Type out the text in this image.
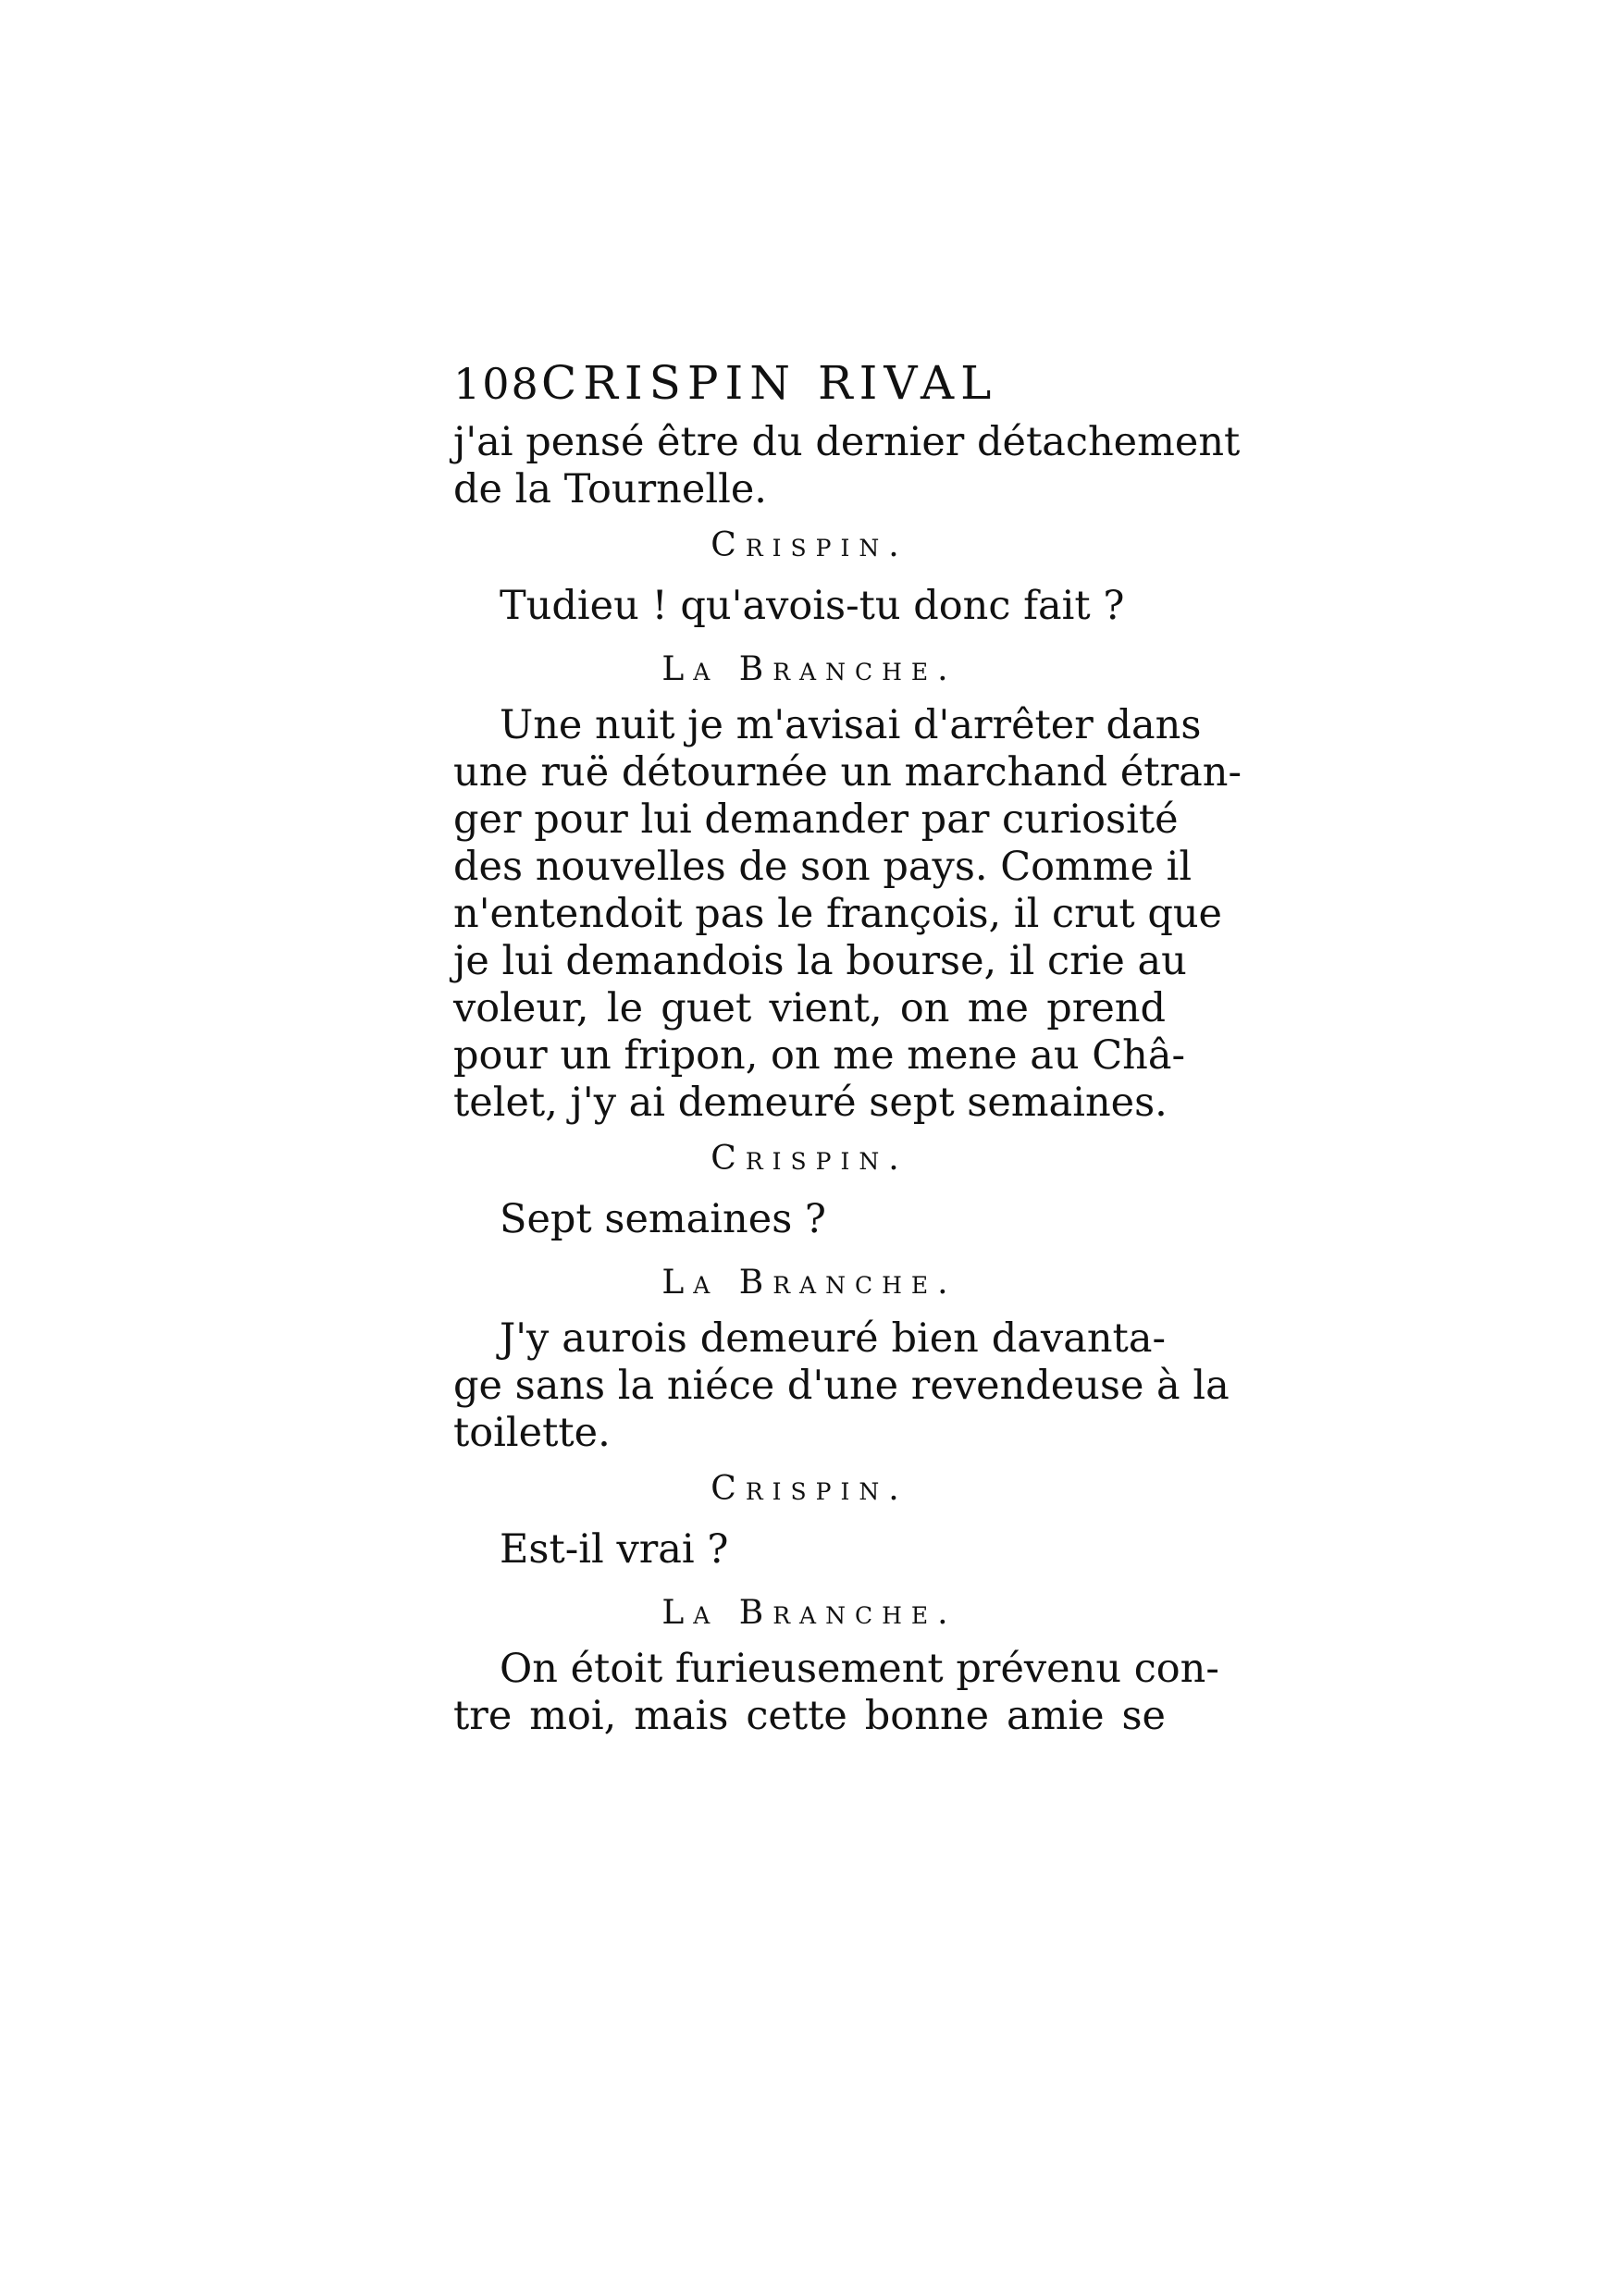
108 CRISPIN RIVAL
j'ai pensé être du dernier détachement
de la Tournelle.
Crispin.
Tudieu ! qu'avois-tu donc fait ?
La Branche.
Une nuit je m'avisai d'arrêter dans
une ruë détournée un marchand étran-
ger pour lui demander par curiosité
des nouvelles de son pays. Comme il
n'entendoit pas le françois, il crut que
je lui demandois la bourse, il crie au
voleur, le guet vient, on me prend
pour un fripon, on me mene au Châ-
telet, j'y ai demeuré sept semaines.
Crispin.
Sept semaines ?
La Branche.
J'y aurois demeuré bien davanta-
ge sans la niéce d'une revendeuse à la
toilette.
Crispin.
Est-il vrai ?
La Branche.
On étoit furieusement prévenu con-
tre moi, mais cette bonne amie se
